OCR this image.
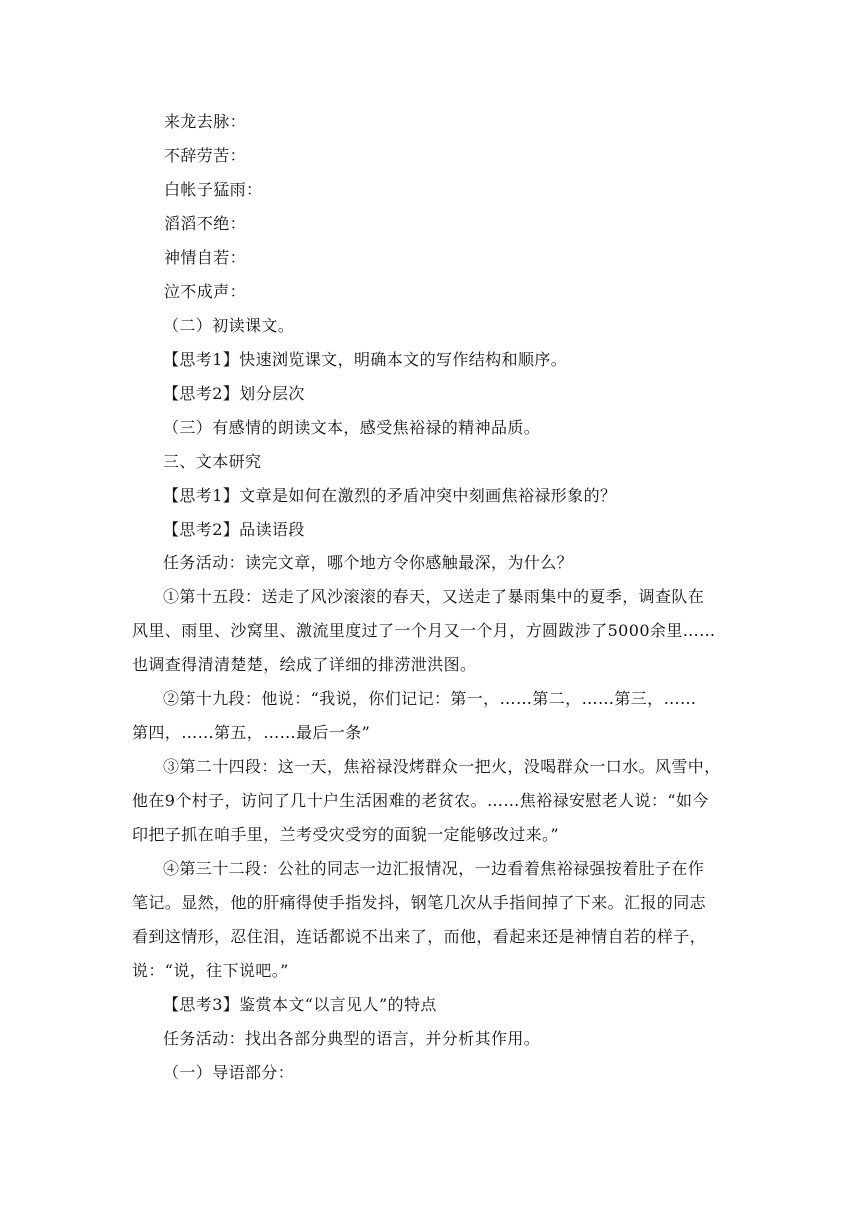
来龙去脉：
不辞劳苦：
白帐子猛雨：
滔滔不绝：
神情自若：
泣不成声：
（二）初读课文。
【思考1】快速浏览课文，明确本文的写作结构和顺序。
【思考2】划分层次
（三）有感情的朗读文本，感受焦裕禄的精神品质。
三、文本研究
【思考1】文章是如何在激烈的矛盾冲突中刻画焦裕禄形象的？
【思考2】品读语段
任务活动：读完文章，哪个地方令你感触最深，为什么？
①第十五段：送走了风沙滚滚的春天，又送走了暴雨集中的夏季，调查队在
风里、雨里、沙窝里、激流里度过了一个月又一个月，方圆跋涉了5000余里……
也调查得清清楚楚，绘成了详细的排涝泄洪图。
②第十九段：他说：“我说，你们记记：第一，……第二，……第三，……
第四，……第五，……最后一条”
③第二十四段：这一天，焦裕禄没烤群众一把火，没喝群众一口水。风雪中，
他在9个村子，访问了几十户生活困难的老贫农。……焦裕禄安慰老人说：“如今
印把子抓在咱手里，兰考受灾受穷的面貌一定能够改过来。”
④第三十二段：公社的同志一边汇报情况，一边看着焦裕禄强按着肚子在作
笔记。显然，他的肝痛得使手指发抖，钢笔几次从手指间掉了下来。汇报的同志
看到这情形，忍住泪，连话都说不出来了，而他，看起来还是神情自若的样子，
说：“说，往下说吧。”
【思考3】鉴赏本文“以言见人”的特点
任务活动：找出各部分典型的语言，并分析其作用。
（一）导语部分：
